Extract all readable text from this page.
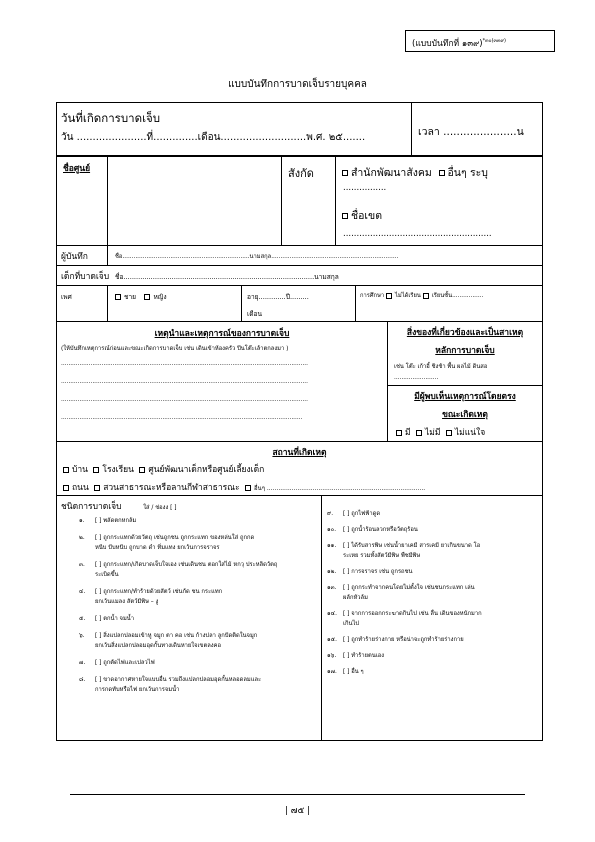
(แบบบันทึกที่ ๑๓๙)$^{*๓๐(๓๓๙)}$
แบบบันทึกการบาดเจ็บรายบุคคล
วันที่เกิดการบาดเจ็บ
วัน ......................ที่..............เดือน...........................พ.ศ. ๒๕.......	เวลา ......................น
ชื่อศูนย์	สังกัด	สำนักพัฒนาสังคม อื่นๆ ระบุ
................
ชื่อเขต
.......................................................
ผู้บันทึก	ชื่อ.....................................................................นามสกุล.....................................................................
เด็กที่บาดเจ็บ ชื่อ...........................................................................................นามสกุล
เพศ	ชาย	หญิง	อายุ.............ปี.........
เดือน
การศึกษา ไม่ได้เรียน เรียนชั้น.................
เหตุนำและเหตุการณ์ของการบาดเจ็บ
(ให้บันทึกเหตุการณ์ก่อนและขณะเกิดการบาดเจ็บ เช่น เดินเข้าห้องครัว ปีนโต๊ะเล้าตกลงมา )
......................................................................................................................................
......................................................................................................................................
......................................................................................................................................
...................................................................................................................................
สิ่งของที่เกี่ยวข้องและเป็นสาเหตุ
หลักการบาดเจ็บ
เช่น โต๊ะ เก้าอี้ ชิงช้า พื้น ผลไม้ ดินสอ
........................
มีผู้พบเห็นเหตุการณ์โดยตรง
ขณะเกิดเหตุ
มี ไม่มี ไม่แน่ใจ
สถานที่เกิดเหตุ
บ้าน โรงเรียน ศูนย์พัฒนาเด็กหรือศูนย์เลี้ยงเด็ก
ถนน สวนสาธารณะหรือลานกีฬาสาธารณะ อื่นๆ ...................................................................................
ชนิดการบาดเจ็บ	ใส่ / ช่องง [ ]
๑. [ ] พลัดตกหกล้ม
๒. [ ] ถูกกระแทกด้วยวัตถุ เช่นถูกชน ถูกกระแทก ของหล่นใส่ ถูกกด
หนีบ บีบหนีบ ถูกบาด ดำ ทิ่มแทง ยกเว้นการจราจร
๓. [ ] ถูกกระแทก/เกิดบาดเจ็บใจเอง เช่นเดินชน ตอกใส่ไม้ หกวุ ประหลิดวัตถุ
ระเบิดขึ้น
๔. [ ] ถูกกระแทก/ทำร้ายด้วยสัตว์ เช่นกัด ชน กระแทก
ยกเว้นแมลง สัตว์มีพิษ – งู
๕. [ ] ตกน้ำ จมน้ำ
๖. [ ] สิ่งแปลกปลอมเข้าหู จมูก ตา คอ เช่น ก้างปลา ลูกปัดติดในจมูก
ยกเว้นสิ่งแปลกปลอมอุดกั้นทางเดินหายใจเขตลงคอ
๗. [ ] ถูกตัดไฟและเปลวไฟ
๘. [ ] ขาดอากาศหายใจแบบอื่น รวมถึงแปลกปลอมอุดกั้นหลอดลมและ
การกดทับหรือไฟ ยกเว้นการจมน้ำ
๙. [ ] ถูกไฟฟ้าดูด
๑๐. [ ] ถูกน้ำร้อนลวกหรือวัตถุร้อน
๑๑. [ ] ได้รับสารพิษ เช่นน้ำยาเคมี สารเคมี ยาเกินขนาด โอ
ระเหย รวมทั้งสัตว์มีพิษ พืชมีพิษ
๑๒. [ ] การจราจร เช่น ถูกรถชน
๑๓. [ ] ถูกกระทำจากคนโดยไม่ตั้งใจ เช่นชนกระแทก เล่น
ผลักหัวล้ม
๑๔. [ ] จากการออกกระฆาดกินไป เช่น ลื่น เดินของหนักมาก
เกินไป
๑๕. [ ] ถูกทำร้ายร่างกาย หรือน่าจะถูกทำร้ายร่างกาย
๑๖. [ ] ทำร้ายตนเอง
๑๗. [ ] อื่น ๆ
| ๗๕ |
